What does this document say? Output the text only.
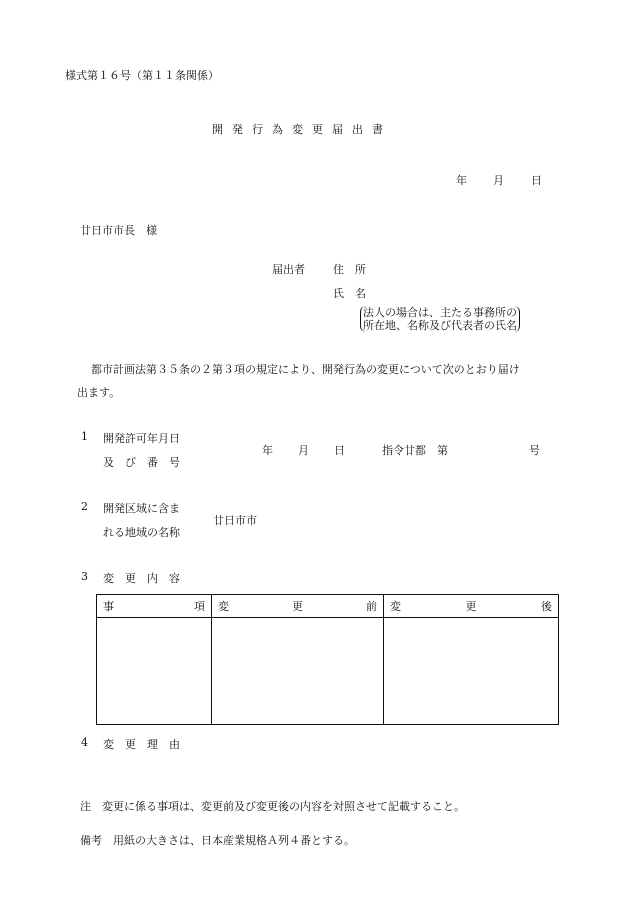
様式第１６号（第１１条関係）
開発行為変更届出書
年 月 日
廿日市市長　様
届出者	住　所
氏　名
法人の場合は、主たる事務所の
所在地、名称及び代表者の氏名
都市計画法第３５条の２第３項の規定により、開発行為の変更について次のとおり届け
出ます。
1 開発許可年月日
及　び　番　号
年 月 日	指令廿都　第	号
2 開発区域に含ま
れる地域の名称
廿日市市
3 変　更　内　容
事 項	変 更 前	変 更 後

4 変　更　理　由
注　変更に係る事項は、変更前及び変更後の内容を対照させて記載すること。
備考　用紙の大きさは、日本産業規格Ａ列４番とする。
